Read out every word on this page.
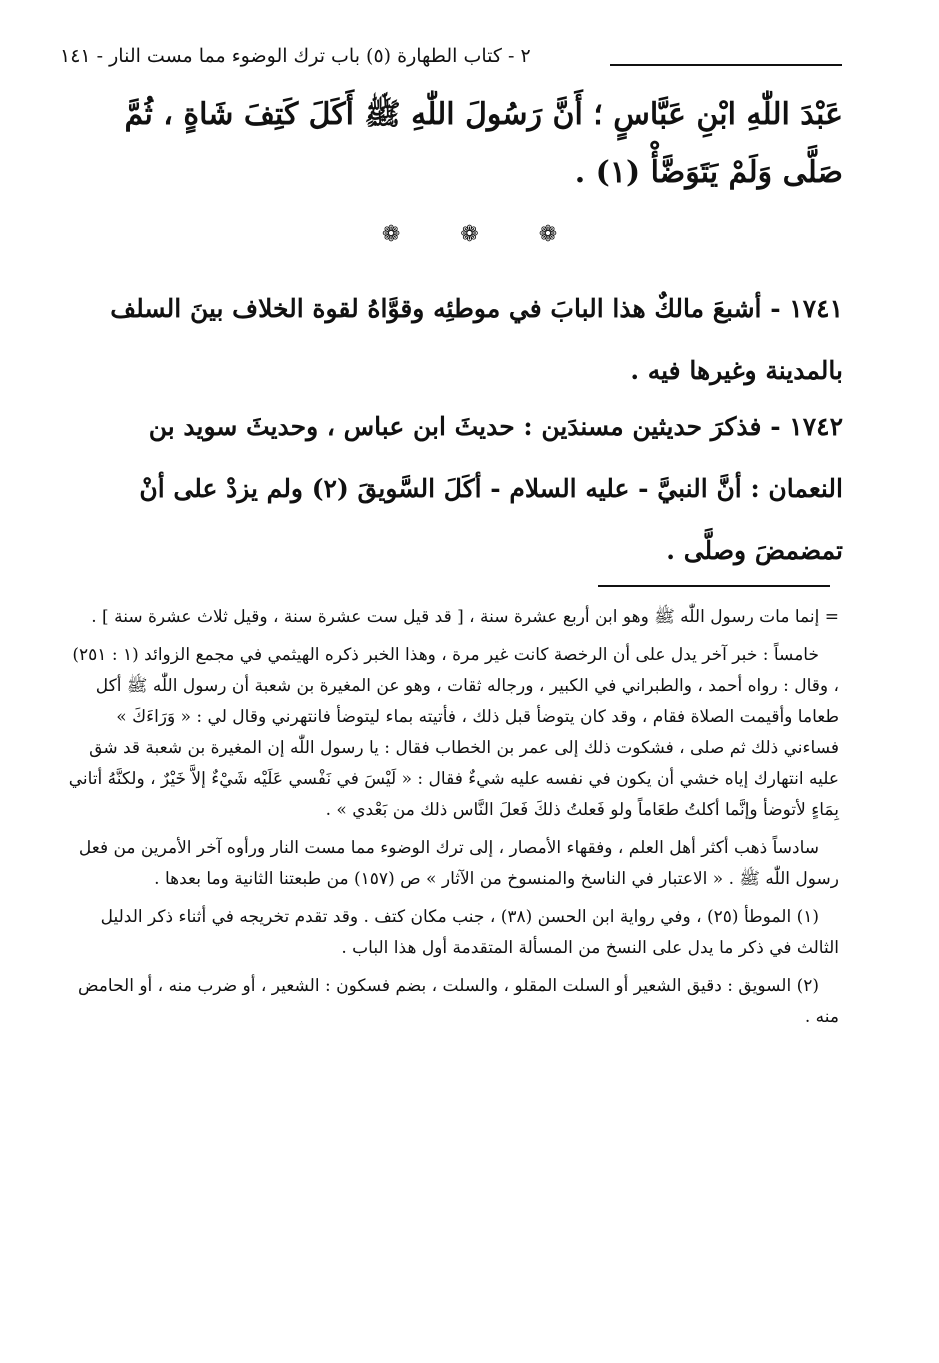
٢ - كتاب الطهارة (٥) باب ترك الوضوء مما مست النار - ١٤١
عَبْدَ اللّٰهِ ابْنِ عَبَّاسٍ ؛ أَنَّ رَسُولَ اللّٰهِ ﷺ أَكَلَ كَتِفَ شَاةٍ ، ثُمَّ صَلَّى وَلَمْ يَتَوَضَّأْ (١) .
❁	❁	❁
١٧٤١ - أشبعَ مالكٌ هذا البابَ في موطئِه وقوَّاهُ لقوة الخلاف بينَ السلف بالمدينة وغيرها فيه .
١٧٤٢ - فذكرَ حديثين مسندَين : حديثَ ابن عباس ، وحديثَ سويد بن النعمان : أنَّ النبيَّ - عليه السلام - أكَلَ السَّويقَ (٢) ولم يزدْ على أنْ تمضمضَ وصلَّى .

= إنما مات رسول اللّٰه ﷺ وهو ابن أربع عشرة سنة ، [ قد قيل ست عشرة سنة ، وقيل ثلاث عشرة سنة ] .

خامساً : خبر آخر يدل على أن الرخصة كانت غير مرة ، وهذا الخبر ذكره الهيثمي في مجمع الزوائد (١ : ٢٥١) ، وقال : رواه أحمد ، والطبراني في الكبير ، ورجاله ثقات ، وهو عن المغيرة بن شعبة أن رسول اللّٰه ﷺ أكل طعاما وأقيمت الصلاة فقام ، وقد كان يتوضأ قبل ذلك ، فأتيته بماء ليتوضأ فانتهرني وقال لي : « وَرَاءَكَ » فساءني ذلك ثم صلى ، فشكوت ذلك إلى عمر بن الخطاب فقال : يا رسول اللّٰه إن المغيرة بن شعبة قد شق عليه انتهارك إياه خشي أن يكون في نفسه عليه شيءٌ فقال : « لَيْسَ في نَفْسي عَلَيْه شَيْءٌ إلاَّ خَيْرٌ ، ولكنَّهُ أتاني بِمَاءٍ لأتوضأ وإنَّما أكلتُ طعَاماً ولو فَعلتُ ذلكَ فَعلَ النَّاس ذلك من بَعْدي » .

سادساً ذهب أكثر أهل العلم ، وفقهاء الأمصار ، إلى ترك الوضوء مما مست النار ورأوه آخر الأمرين من فعل رسول اللّٰه ﷺ . « الاعتبار في الناسخ والمنسوخ من الآثار » ص (١٥٧) من طبعتنا الثانية وما بعدها .

(١) الموطأ (٢٥) ، وفي رواية ابن الحسن (٣٨) ، جنب مكان كتف . وقد تقدم تخريجه في أثناء ذكر الدليل الثالث في ذكر ما يدل على النسخ من المسألة المتقدمة أول هذا الباب .

(٢) السويق : دقيق الشعير أو السلت المقلو ، والسلت ، بضم فسكون : الشعير ، أو ضرب منه ، أو الحامض منه .
